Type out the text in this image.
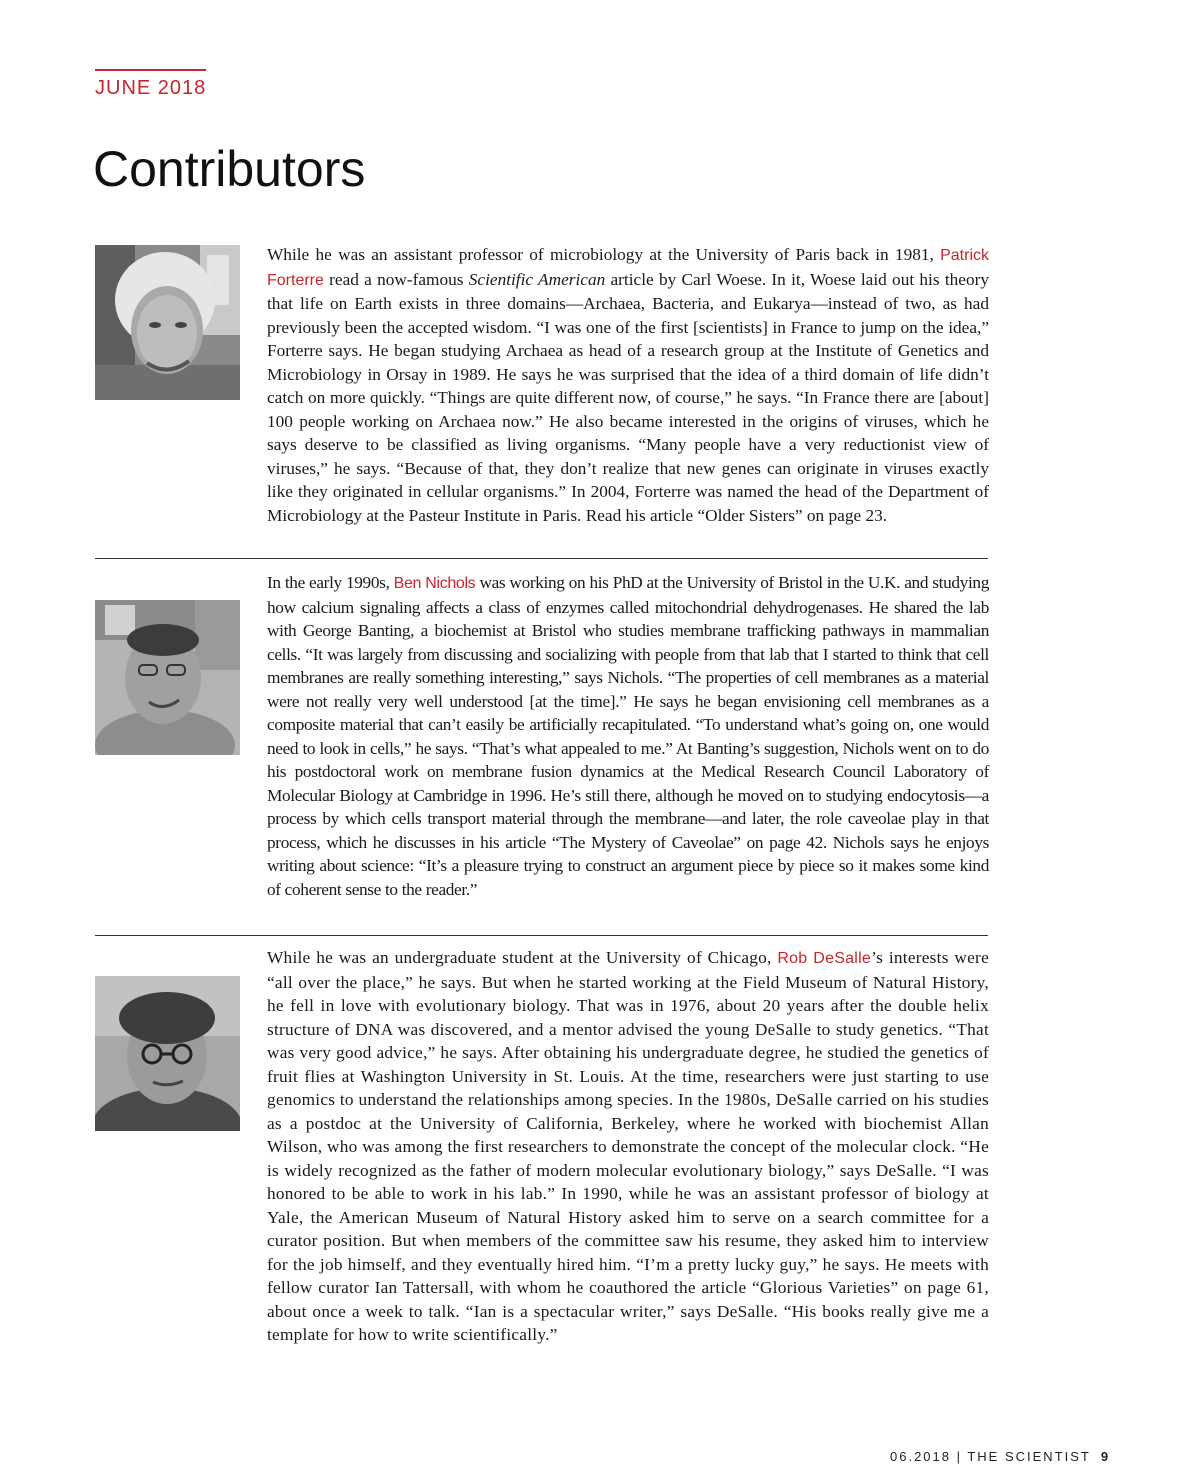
JUNE 2018
Contributors

While he was an assistant professor of microbiology at the University of Paris back in 1981, Patrick Forterre read a now-famous Scientific American article by Carl Woese. In it, Woese laid out his theory that life on Earth exists in three domains—Archaea, Bacteria, and Eukarya—instead of two, as had previously been the accepted wisdom. “I was one of the first [scientists] in France to jump on the idea,” Forterre says. He began studying Archaea as head of a research group at the Institute of Genetics and Microbiology in Orsay in 1989. He says he was surprised that the idea of a third domain of life didn’t catch on more quickly. “Things are quite different now, of course,” he says. “In France there are [about] 100 people working on Archaea now.” He also became interested in the origins of viruses, which he says deserve to be classified as living organisms. “Many people have a very reductionist view of viruses,” he says. “Because of that, they don’t realize that new genes can originate in viruses exactly like they originated in cellular organisms.” In 2004, Forterre was named the head of the Department of Microbiology at the Pasteur Institute in Paris. Read his article “Older Sisters” on page 23.

In the early 1990s, Ben Nichols was working on his PhD at the University of Bristol in the U.K. and studying how calcium signaling affects a class of enzymes called mitochondrial dehydrogenases. He shared the lab with George Banting, a biochemist at Bristol who studies membrane trafficking pathways in mammalian cells. “It was largely from discussing and socializing with people from that lab that I started to think that cell membranes are really something interesting,” says Nichols. “The properties of cell membranes as a material were not really very well understood [at the time].” He says he began envisioning cell membranes as a composite material that can’t easily be artificially recapitulated. “To understand what’s going on, one would need to look in cells,” he says. “That’s what appealed to me.” At Banting’s suggestion, Nichols went on to do his postdoctoral work on membrane fusion dynamics at the Medical Research Council Laboratory of Molecular Biology at Cambridge in 1996. He’s still there, although he moved on to studying endocytosis—a process by which cells transport material through the membrane—and later, the role caveolae play in that process, which he discusses in his article “The Mystery of Caveolae” on page 42. Nichols says he enjoys writing about science: “It’s a pleasure trying to construct an argument piece by piece so it makes some kind of coherent sense to the reader.”

While he was an undergraduate student at the University of Chicago, Rob DeSalle’s interests were “all over the place,” he says. But when he started working at the Field Museum of Natural History, he fell in love with evolutionary biology. That was in 1976, about 20 years after the double helix structure of DNA was discovered, and a mentor advised the young DeSalle to study genetics. “That was very good advice,” he says. After obtaining his undergraduate degree, he studied the genetics of fruit flies at Washington University in St. Louis. At the time, researchers were just starting to use genomics to understand the relationships among species. In the 1980s, DeSalle carried on his studies as a postdoc at the University of California, Berkeley, where he worked with biochemist Allan Wilson, who was among the first researchers to demonstrate the concept of the molecular clock. “He is widely recognized as the father of modern molecular evolutionary biology,” says DeSalle. “I was honored to be able to work in his lab.” In 1990, while he was an assistant professor of biology at Yale, the American Museum of Natural History asked him to serve on a search committee for a curator position. But when members of the committee saw his resume, they asked him to interview for the job himself, and they eventually hired him. “I’m a pretty lucky guy,” he says. He meets with fellow curator Ian Tattersall, with whom he coauthored the article “Glorious Varieties” on page 61, about once a week to talk. “Ian is a spectacular writer,” says DeSalle. “His books really give me a template for how to write scientifically.”

06.2018 | THE SCIENTIST 9
